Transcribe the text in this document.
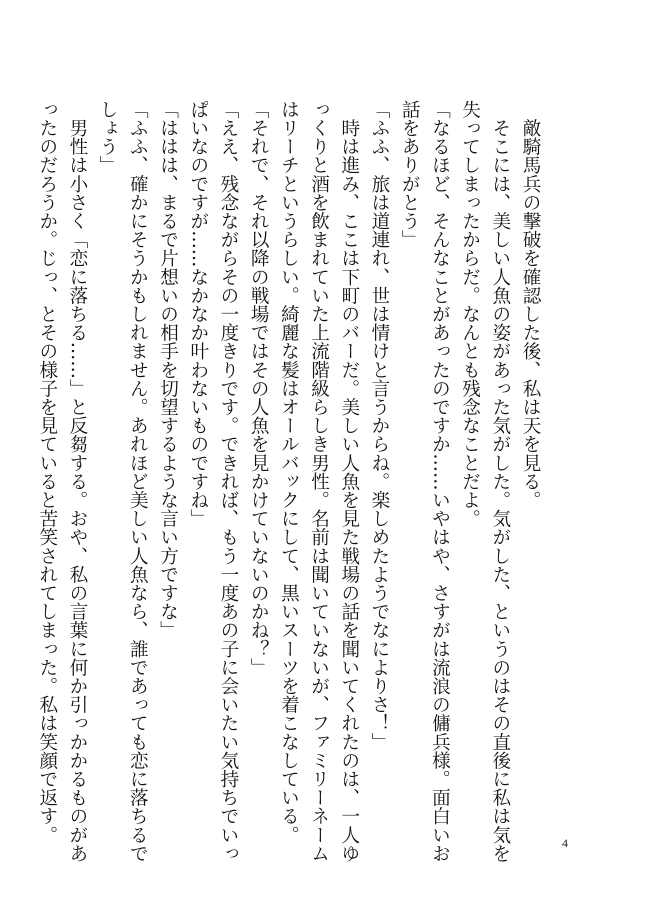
　敵騎馬兵の撃破を確認した後、私は天を見る。
　そこには、美しい人魚の姿があった気がした。気がした、というのはその直後に私は気を
失ってしまったからだ。なんとも残念なことだよ。
「なるほど、そんなことがあったのですか……いやはや、さすがは流浪の傭兵様。面白いお
話をありがとう」
「ふふ、旅は道連れ、世は情けと言うからね。楽しめたようでなによりさ！」
　時は進み、ここは下町のバーだ。美しい人魚を見た戦場の話を聞いてくれたのは、一人ゆ
っくりと酒を飲まれていた上流階級らしき男性。名前は聞いていないが、ファミリーネーム
はリーチというらしい。綺麗な髪はオールバックにして、黒いスーツを着こなしている。
「それで、それ以降の戦場ではその人魚を見かけていないのかね？」
「ええ、残念ながらその一度きりです。できれば、もう一度あの子に会いたい気持ちでいっ
ぱいなのですが……なかなか叶わないものですね」
「ははは、まるで片想いの相手を切望するような言い方ですな」
「ふふ、確かにそうかもしれません。あれほど美しい人魚なら、誰であっても恋に落ちるで
しょう」
　男性は小さく「恋に落ちる……」と反芻する。おや、私の言葉に何か引っかかるものがあ
ったのだろうか。じっ、とその様子を見ていると苦笑されてしまった。私は笑顔で返す。	4
